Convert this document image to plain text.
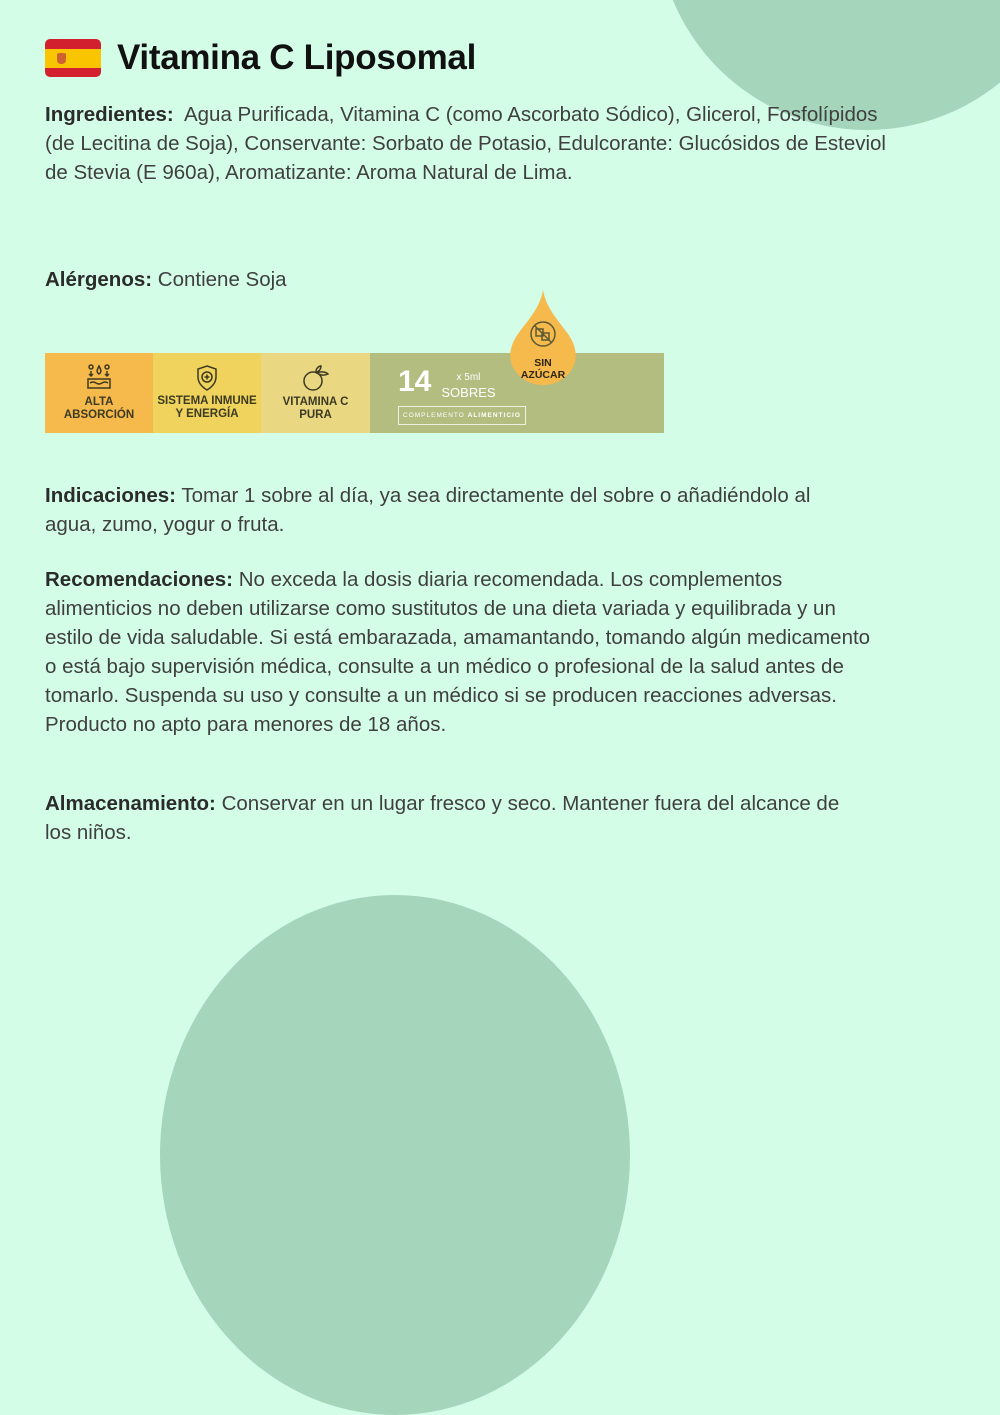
Vitamina C Liposomal
Ingredientes: Agua Purificada, Vitamina C (como Ascorbato Sódico), Glicerol, Fosfolípidos (de Lecitina de Soja), Conservante: Sorbato de Potasio, Edulcorante: Glucósidos de Esteviol de Stevia (E 960a), Aromatizante: Aroma Natural de Lima.
Alérgenos: Contiene Soja
ALTA
ABSORCIÓN
SISTEMA INMUNE
Y ENERGÍA
VITAMINA C
PURA
14	x 5ml
SOBRES
COMPLEMENTO ALIMENTICIO
SIN
AZÚCAR
Indicaciones: Tomar 1 sobre al día, ya sea directamente del sobre o añadiéndolo al agua, zumo, yogur o fruta.
Recomendaciones: No exceda la dosis diaria recomendada. Los complementos alimenticios no deben utilizarse como sustitutos de una dieta variada y equilibrada y un estilo de vida saludable. Si está embarazada, amamantando, tomando algún medicamento o está bajo supervisión médica, consulte a un médico o profesional de la salud antes de tomarlo. Suspenda su uso y consulte a un médico si se producen reacciones adversas. Producto no apto para menores de 18 años.
Almacenamiento: Conservar en un lugar fresco y seco. Mantener fuera del alcance de los niños.
